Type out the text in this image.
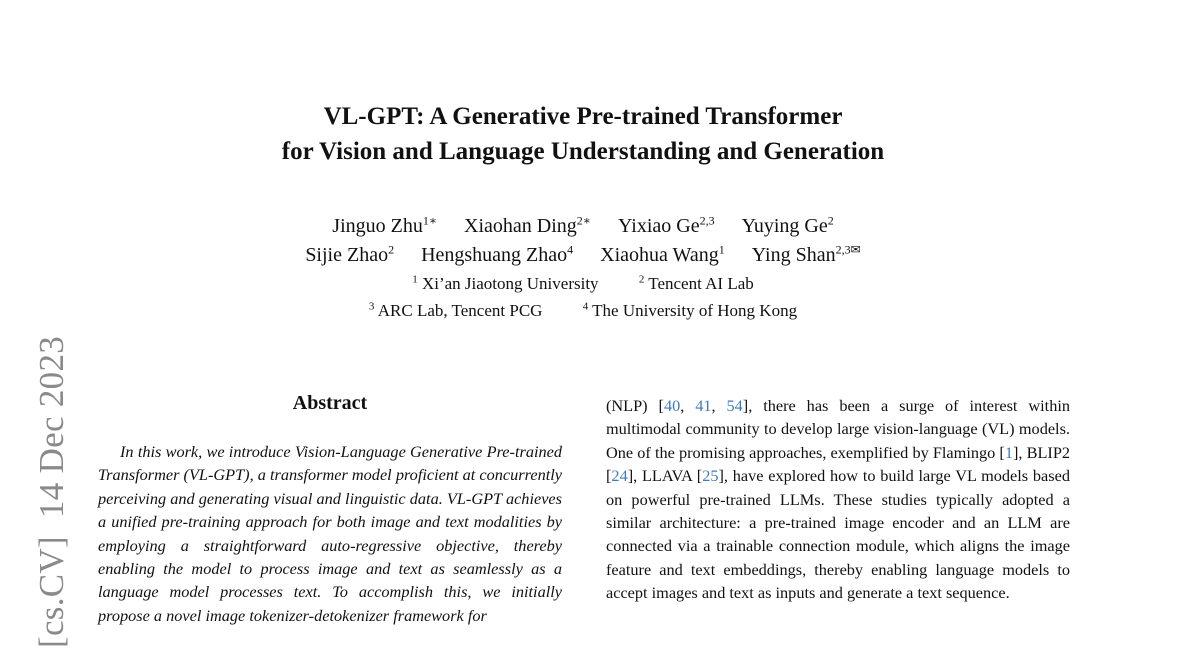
[cs.CV]14 Dec 2023
VL-GPT: A Generative Pre-trained Transformer
for Vision and Language Understanding and Generation
Jinguo Zhu$^{1∗}$ Xiaohan Ding$^{2∗}$ Yixiao Ge$^{2,3}$ Yuying Ge$^2$
Sijie Zhao$^2$ Hengshuang Zhao$^4$ Xiaohua Wang$^1$ Ying Shan$^{2,3✉}$
$^1$ Xi’an Jiaotong University	$^2$ Tencent AI Lab
$^3$ ARC Lab, Tencent PCG	$^4$ The University of Hong Kong
Abstract
In this work, we introduce Vision-Language Generative Pre-trained Transformer (VL-GPT), a transformer model proficient at concurrently perceiving and generating visual and linguistic data. VL-GPT achieves a unified pre-training approach for both image and text modalities by employing a straightforward auto-regressive objective, thereby enabling the model to process image and text as seamlessly as a language model processes text. To accomplish this, we initially propose a novel image tokenizer-detokenizer framework for
(NLP) [40, 41, 54], there has been a surge of interest within multimodal community to develop large vision-language (VL) models. One of the promising approaches, exemplified by Flamingo [1], BLIP2 [24], LLAVA [25], have explored how to build large VL models based on powerful pre-trained LLMs. These studies typically adopted a similar architecture: a pre-trained image encoder and an LLM are connected via a trainable connection module, which aligns the image feature and text embeddings, thereby enabling language models to accept images and text as inputs and generate a text sequence.
